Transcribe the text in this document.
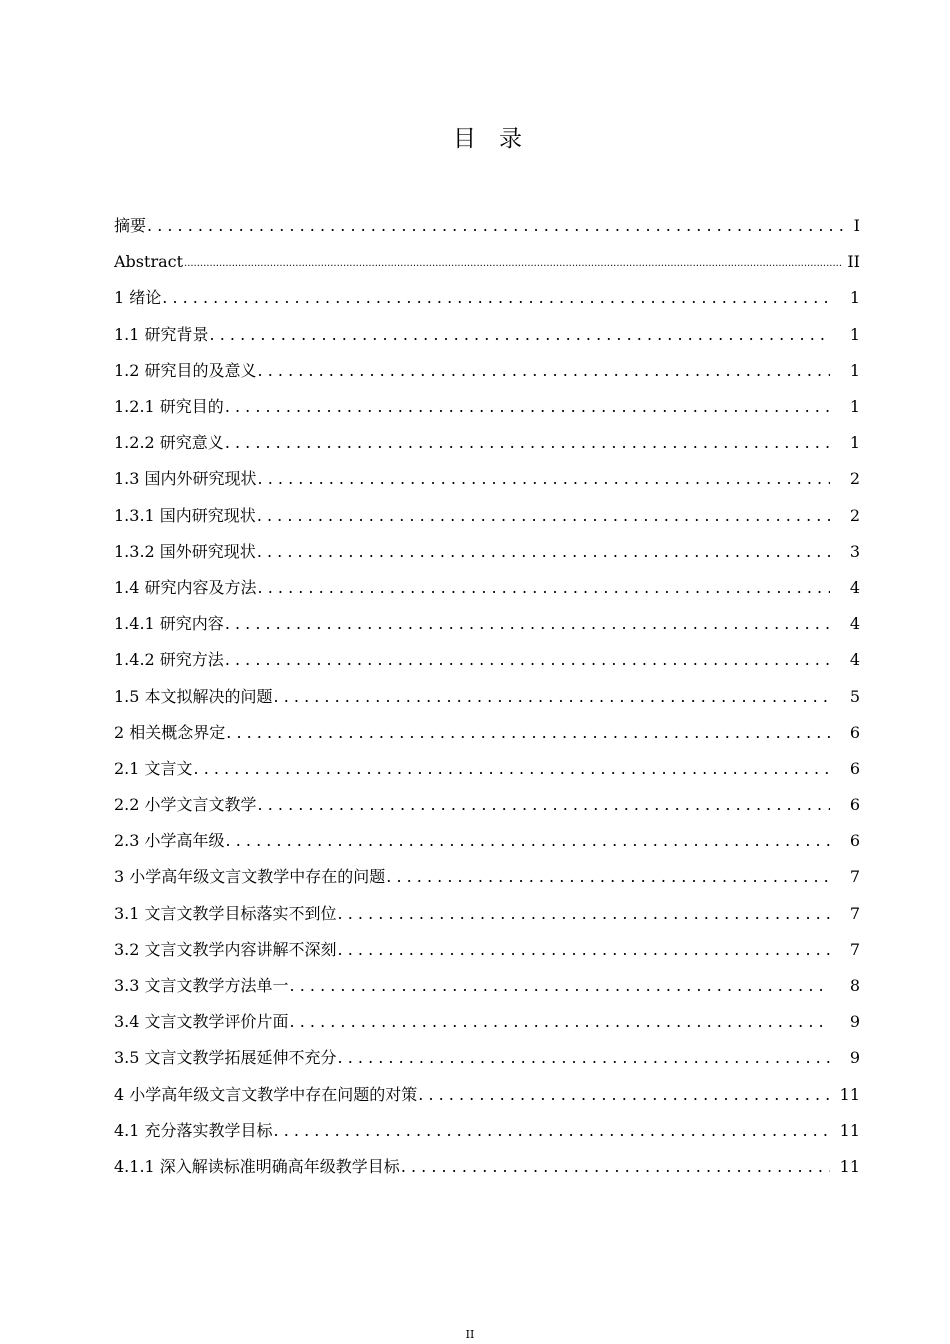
目　录
摘要 . . .	I
Abstract .....	II
1 绪论 . . .	1
1.1 研究背景 . . .	1
1.2 研究目的及意义 . . .	1
1.2.1 研究目的 . . .	1
1.2.2 研究意义 . . .	1
1.3 国内外研究现状 . . .	2
1.3.1 国内研究现状 . . .	2
1.3.2 国外研究现状 . . .	3
1.4 研究内容及方法 . . .	4
1.4.1 研究内容 . . .	4
1.4.2 研究方法 . . .	4
1.5 本文拟解决的问题 . . .	5
2 相关概念界定 . . .	6
2.1 文言文 . . .	6
2.2 小学文言文教学 . . .	6
2.3 小学高年级 . . .	6
3 小学高年级文言文教学中存在的问题 . . .	7
3.1 文言文教学目标落实不到位 . . .	7
3.2 文言文教学内容讲解不深刻 . . .	7
3.3 文言文教学方法单一 . . .	8
3.4 文言文教学评价片面 . . .	9
3.5 文言文教学拓展延伸不充分 . . .	9
4 小学高年级文言文教学中存在问题的对策 . . .	11
4.1 充分落实教学目标 . . .	11
4.1.1 深入解读标准明确高年级教学目标 . . .	11
II
